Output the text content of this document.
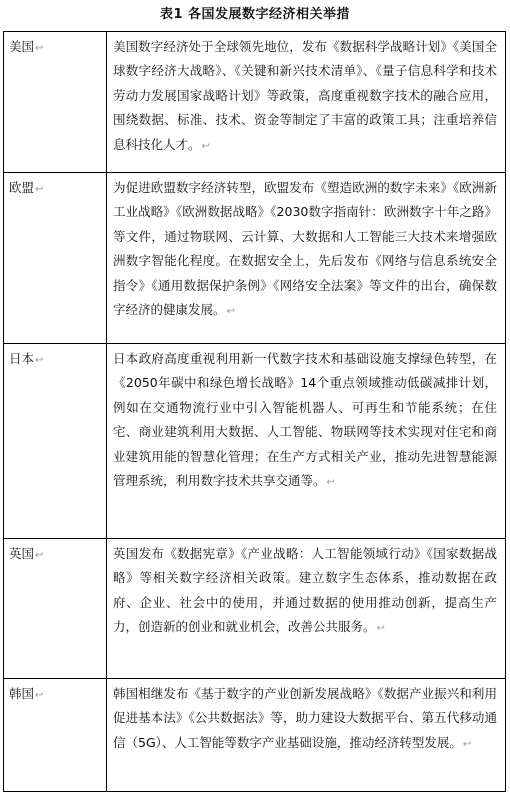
表1 各国发展数字经济相关举措
美国↩	美国数字经济处于全球领先地位，发布《数据科学战略计划》《美国全球数字经济大战略》、《关键和新兴技术清单》、《量子信息科学和技术劳动力发展国家战略计划》等政策，高度重视数字技术的融合应用，围绕数据、标准、技术、资金等制定了丰富的政策工具；注重培养信息科技化人才。↩
欧盟↩	为促进欧盟数字经济转型，欧盟发布《塑造欧洲的数字未来》《欧洲新工业战略》《欧洲数据战略》《2030数字指南针：欧洲数字十年之路》等文件，通过物联网、云计算、大数据和人工智能三大技术来增强欧洲数字智能化程度。在数据安全上，先后发布《网络与信息系统安全指令》《通用数据保护条例》《网络安全法案》等文件的出台，确保数字经济的健康发展。↩
日本↩	日本政府高度重视利用新一代数字技术和基础设施支撑绿色转型，在《2050年碳中和绿色增长战略》14个重点领域推动低碳减排计划，例如在交通物流行业中引入智能机器人、可再生和节能系统；在住宅、商业建筑利用大数据、人工智能、物联网等技术实现对住宅和商业建筑用能的智慧化管理；在生产方式相关产业，推动先进智慧能源管理系统，利用数字技术共享交通等。↩
英国↩	英国发布《数据宪章》《产业战略：人工智能领域行动》《国家数据战略》等相关数字经济相关政策。建立数字生态体系，推动数据在政府、企业、社会中的使用，并通过数据的使用推动创新，提高生产力，创造新的创业和就业机会，改善公共服务。↩
韩国↩	韩国相继发布《基于数字的产业创新发展战略》《数据产业振兴和利用促进基本法》《公共数据法》等，助力建设大数据平台、第五代移动通信（5G）、人工智能等数字产业基础设施，推动经济转型发展。↩
